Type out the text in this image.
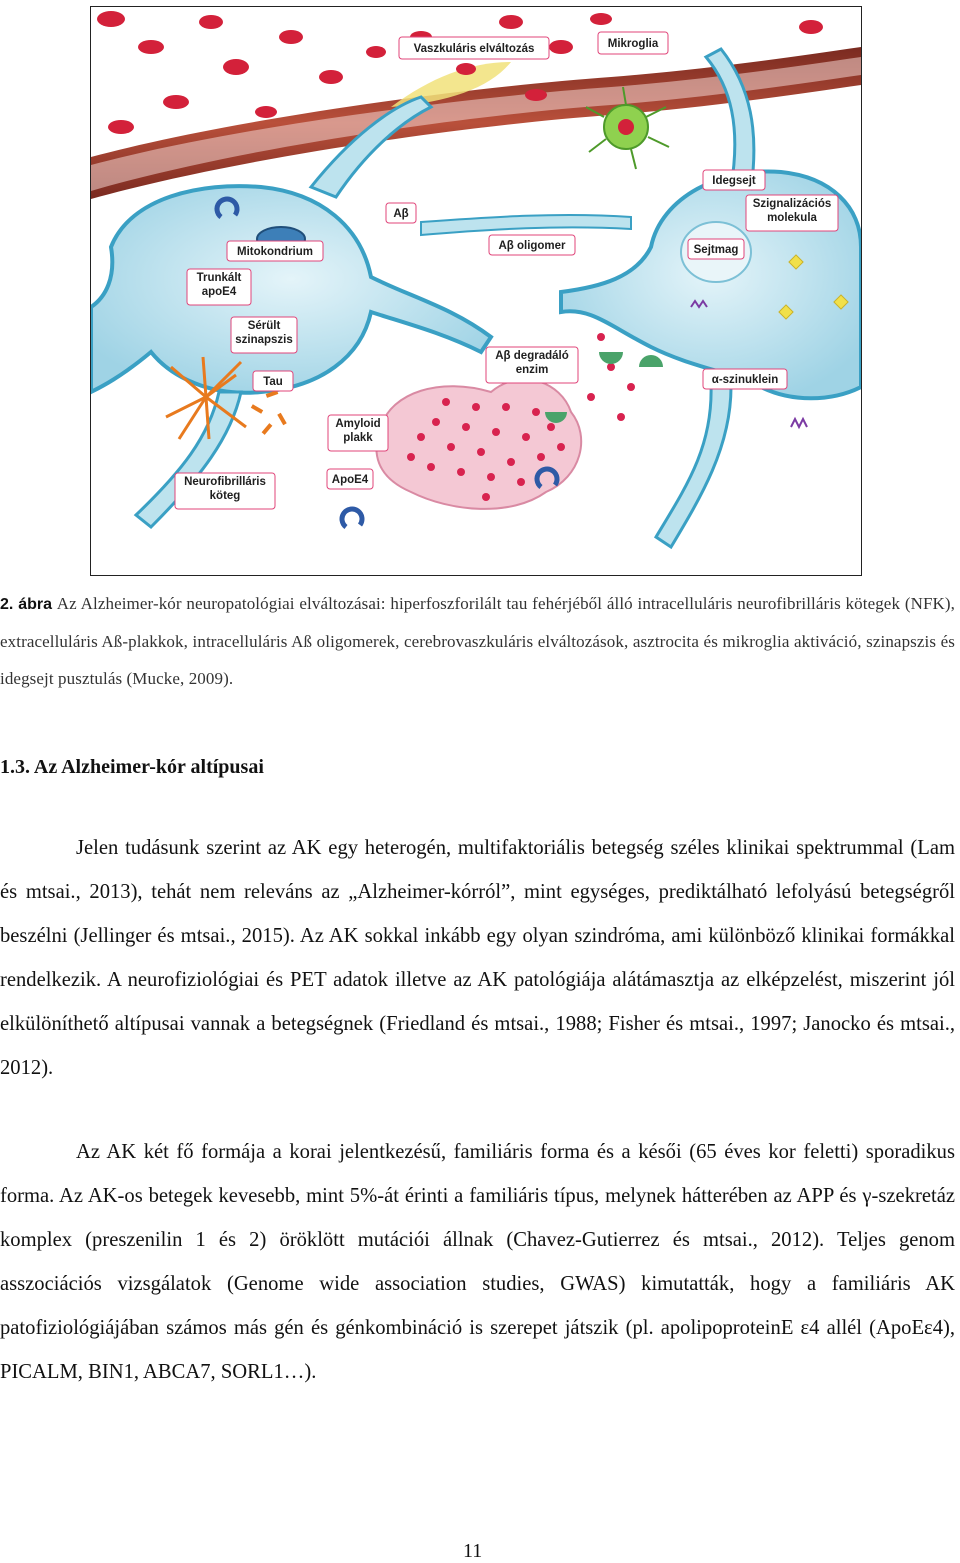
Vaszkuláris elváltozás	Mikroglia
Idegsejt
Szignalizációs molekula
Aβ
Aβ oligomer	Sejtmag
Mitokondrium
Trunkált apoE4
Sérült szinapszis
Tau
Aβ degradáló enzim
α-szinuklein
Amyloid plakk
ApoE4
Neurofibrilláris köteg
2. ábra Az Alzheimer-kór neuropatológiai elváltozásai: hiperfoszforilált tau fehérjéből álló intracelluláris neurofibrilláris kötegek (NFK), extracelluláris Aß-plakkok, intracelluláris Aß oligomerek, cerebrovaszkuláris elváltozások, asztrocita és mikroglia aktiváció, szinapszis és idegsejt pusztulás (Mucke, 2009).
1.3. Az Alzheimer-kór altípusai
Jelen tudásunk szerint az AK egy heterogén, multifaktoriális betegség széles klinikai spektrummal (Lam és mtsai., 2013), tehát nem releváns az „Alzheimer-kórról”, mint egységes, prediktálható lefolyású betegségről beszélni (Jellinger és mtsai., 2015). Az AK sokkal inkább egy olyan szindróma, ami különböző klinikai formákkal rendelkezik. A neurofiziológiai és PET adatok illetve az AK patológiája alátámasztja az elképzelést, miszerint jól elkülöníthető altípusai vannak a betegségnek (Friedland és mtsai., 1988; Fisher és mtsai., 1997; Janocko és mtsai., 2012).
Az AK két fő formája a korai jelentkezésű, familiáris forma és a késői (65 éves kor feletti) sporadikus forma. Az AK-os betegek kevesebb, mint 5%-át érinti a familiáris típus, melynek hátterében az APP és γ-szekretáz komplex (preszenilin 1 és 2) öröklött mutációi állnak (Chavez-Gutierrez és mtsai., 2012). Teljes genom asszociációs vizsgálatok (Genome wide association studies, GWAS) kimutatták, hogy a familiáris AK patofiziológiájában számos más gén és génkombináció is szerepet játszik (pl. apolipoproteinE ε4 allél (ApoEε4), PICALM, BIN1, ABCA7, SORL1…).
11
